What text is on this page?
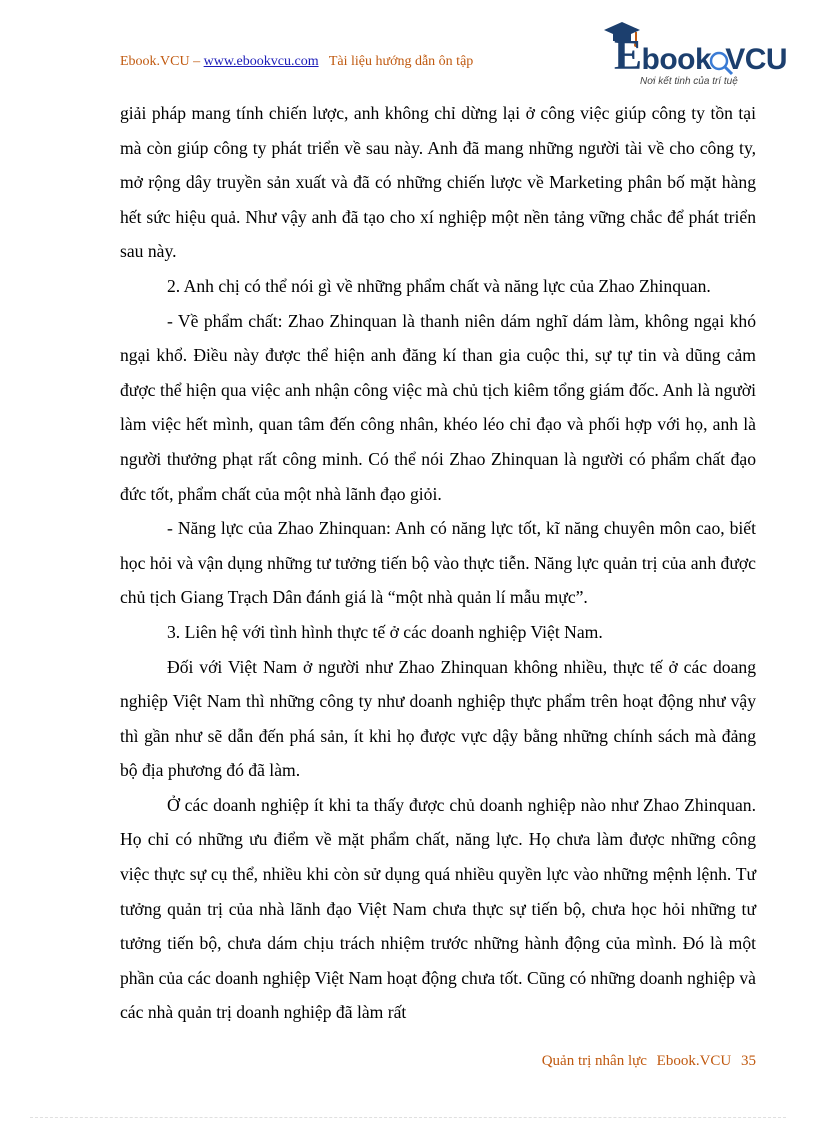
Ebook.VCU – www.ebookvcu.com Tài liệu hướng dẫn ôn tập	Ebook VCU
Nơi kết tinh của trí tuệ

giải pháp mang tính chiến lược, anh không chỉ dừng lại ở công việc giúp công ty tồn tại mà còn giúp công ty phát triển về sau này. Anh đã mang những người tài về cho công ty, mở rộng dây truyền sản xuất và đã có những chiến lược về Marketing phân bố mặt hàng hết sức hiệu quả. Như vậy anh đã tạo cho xí nghiệp một nền tảng vững chắc để phát triển sau này.

2. Anh chị có thể nói gì về những phẩm chất và năng lực của Zhao Zhinquan.

- Về phẩm chất: Zhao Zhinquan là thanh niên dám nghĩ dám làm, không ngại khó ngại khổ. Điều này được thể hiện anh đăng kí than gia cuộc thi, sự tự tin và dũng cảm được thể hiện qua việc anh nhận công việc mà chủ tịch kiêm tổng giám đốc. Anh là người làm việc hết mình, quan tâm đến công nhân, khéo léo chỉ đạo và phối hợp với họ, anh là người thưởng phạt rất công minh. Có thể nói Zhao Zhinquan là người có phẩm chất đạo đức tốt, phẩm chất của một nhà lãnh đạo giỏi.

- Năng lực của Zhao Zhinquan: Anh có năng lực tốt, kĩ năng chuyên môn cao, biết học hỏi và vận dụng những tư tưởng tiến bộ vào thực tiễn. Năng lực quản trị của anh được chủ tịch Giang Trạch Dân đánh giá là “một nhà quản lí mẫu mực”.

3. Liên hệ với tình hình thực tế ở các doanh nghiệp Việt Nam.

Đối với Việt Nam ở người như Zhao Zhinquan không nhiều, thực tế ở các doang nghiệp Việt Nam thì những công ty như doanh nghiệp thực phẩm trên hoạt động như vậy thì gần như sẽ dẫn đến phá sản, ít khi họ được vực dậy bằng những chính sách mà đảng bộ địa phương đó đã làm.

Ở các doanh nghiệp ít khi ta thấy được chủ doanh nghiệp nào như Zhao Zhinquan. Họ chỉ có những ưu điểm về mặt phẩm chất, năng lực. Họ chưa làm được những công việc thực sự cụ thể, nhiều khi còn sử dụng quá nhiều quyền lực vào những mệnh lệnh. Tư tưởng quản trị của nhà lãnh đạo Việt Nam chưa thực sự tiến bộ, chưa học hỏi những tư tưởng tiến bộ, chưa dám chịu trách nhiệm trước những hành động của mình. Đó là một phần của các doanh nghiệp Việt Nam hoạt động chưa tốt. Cũng có những doanh nghiệp và các nhà quản trị doanh nghiệp đã làm rất

Quản trị nhân lực Ebook.VCU 35
